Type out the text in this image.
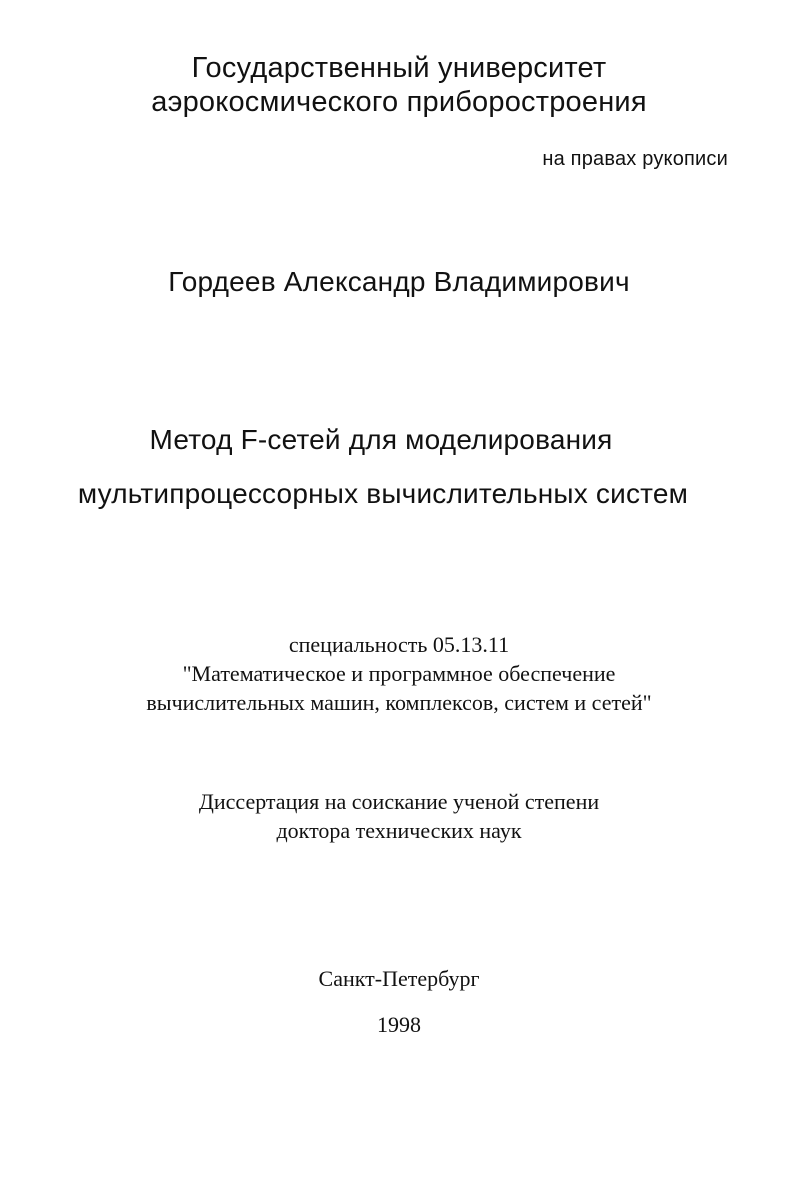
Государственный университет
аэрокосмического приборостроения
на правах рукописи
Гордеев Александр Владимирович
Метод F-сетей для моделирования
мультипроцессорных вычислительных систем
специальность 05.13.11
"Математическое и программное обеспечение
вычислительных машин, комплексов, систем и сетей"
Диссертация на соискание ученой степени
доктора технических наук
Санкт-Петербург
1998
